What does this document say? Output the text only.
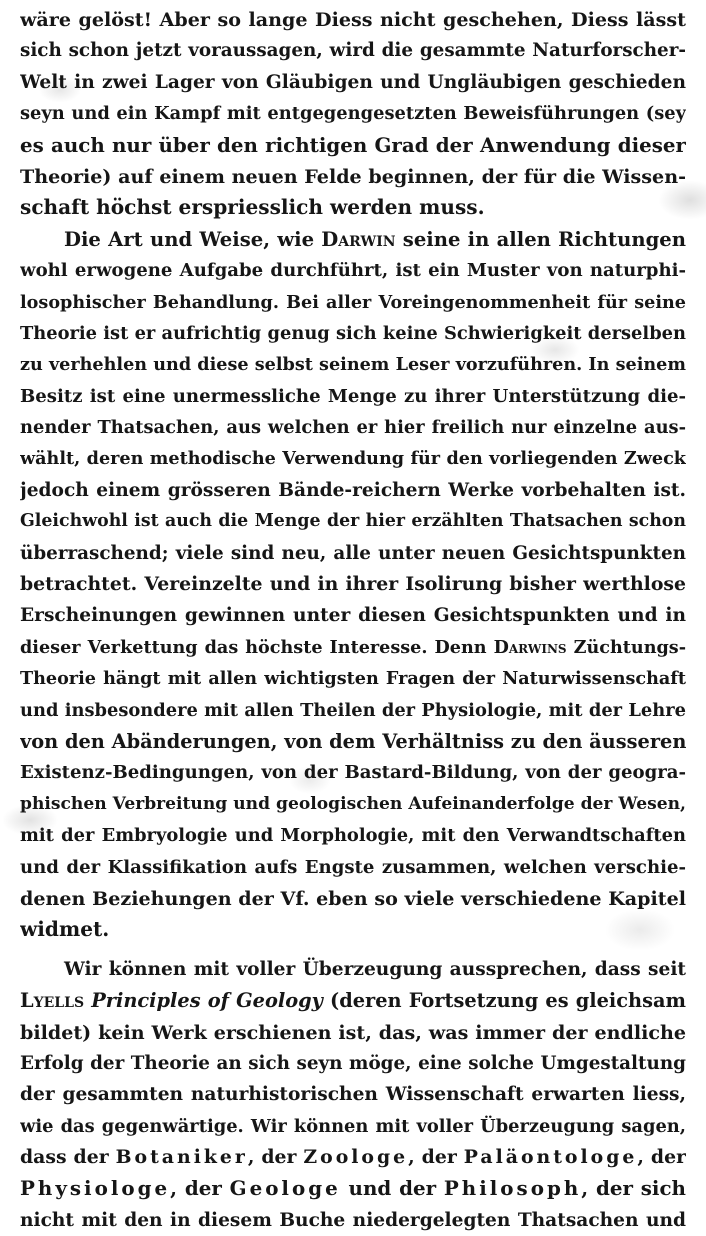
wäre gelöst! Aber so lange Diess nicht geschehen, Diess lässt
sich schon jetzt voraussagen, wird die gesammte Naturforscher-
Welt in zwei Lager von Gläubigen und Ungläubigen geschieden
seyn und ein Kampf mit entgegengesetzten Beweisführungen (sey
es auch nur über den richtigen Grad der Anwendung dieser
Theorie) auf einem neuen Felde beginnen, der für die Wissen-
schaft höchst erspriesslich werden muss.
Die Art und Weise, wie Darwin seine in allen Richtungen
wohl erwogene Aufgabe durchführt, ist ein Muster von naturphi-
losophischer Behandlung. Bei aller Voreingenommenheit für seine
Theorie ist er aufrichtig genug sich keine Schwierigkeit derselben
zu verhehlen und diese selbst seinem Leser vorzuführen. In seinem
Besitz ist eine unermessliche Menge zu ihrer Unterstützung die-
nender Thatsachen, aus welchen er hier freilich nur einzelne aus-
wählt, deren methodische Verwendung für den vorliegenden Zweck
jedoch einem grösseren Bände-reichern Werke vorbehalten ist.
Gleichwohl ist auch die Menge der hier erzählten Thatsachen schon
überraschend; viele sind neu, alle unter neuen Gesichtspunkten
betrachtet. Vereinzelte und in ihrer Isolirung bisher werthlose
Erscheinungen gewinnen unter diesen Gesichtspunkten und in
dieser Verkettung das höchste Interesse. Denn Darwins Züchtungs-
Theorie hängt mit allen wichtigsten Fragen der Naturwissenschaft
und insbesondere mit allen Theilen der Physiologie, mit der Lehre
von den Abänderungen, von dem Verhältniss zu den äusseren
Existenz-Bedingungen, von der Bastard-Bildung, von der geogra-
phischen Verbreitung und geologischen Aufeinanderfolge der Wesen,
mit der Embryologie und Morphologie, mit den Verwandtschaften
und der Klassifikation aufs Engste zusammen, welchen verschie-
denen Beziehungen der Vf. eben so viele verschiedene Kapitel
widmet.
Wir können mit voller Überzeugung aussprechen, dass seit
Lyells Principles of Geology (deren Fortsetzung es gleichsam
bildet) kein Werk erschienen ist, das, was immer der endliche
Erfolg der Theorie an sich seyn möge, eine solche Umgestaltung
der gesammten naturhistorischen Wissenschaft erwarten liess,
wie das gegenwärtige. Wir können mit voller Überzeugung sagen,
dass der Botaniker, der Zoologe, der Paläontologe, der
Physiologe, der Geologe und der Philosoph, der sich
nicht mit den in diesem Buche niedergelegten Thatsachen und
